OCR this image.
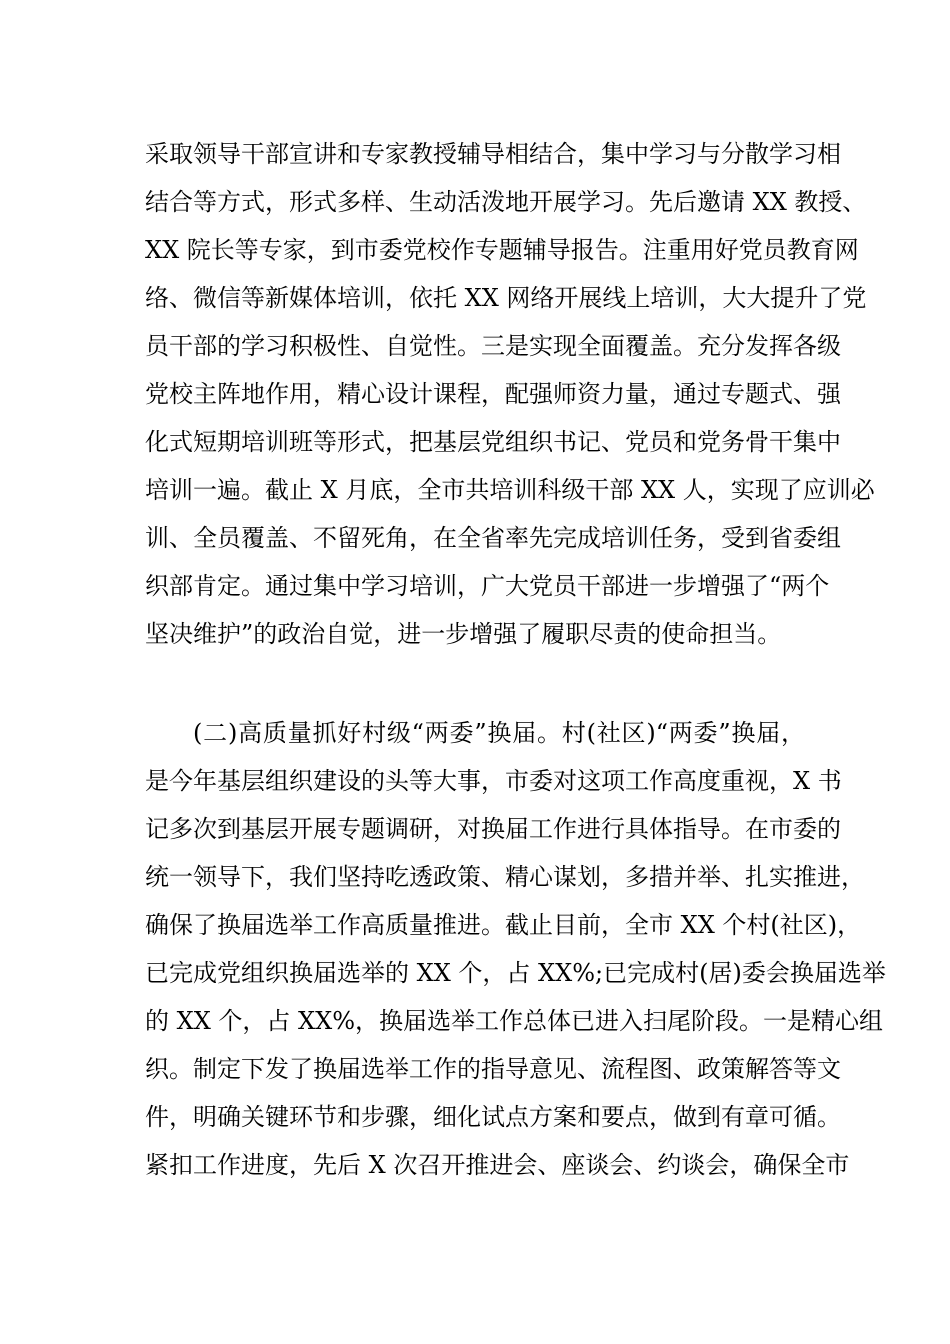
采取领导干部宣讲和专家教授辅导相结合，集中学习与分散学习相
结合等方式，形式多样、生动活泼地开展学习。先后邀请 XX 教授、
XX 院长等专家，到市委党校作专题辅导报告。注重用好党员教育网
络、微信等新媒体培训，依托 XX 网络开展线上培训，大大提升了党
员干部的学习积极性、自觉性。三是实现全面覆盖。充分发挥各级
党校主阵地作用，精心设计课程，配强师资力量，通过专题式、强
化式短期培训班等形式，把基层党组织书记、党员和党务骨干集中
培训一遍。截止 X 月底，全市共培训科级干部 XX 人，实现了应训必
训、全员覆盖、不留死角，在全省率先完成培训任务，受到省委组
织部肯定。通过集中学习培训，广大党员干部进一步增强了“两个
坚决维护”的政治自觉，进一步增强了履职尽责的使命担当。
(二)高质量抓好村级“两委”换届。村(社区)“两委”换届，
是今年基层组织建设的头等大事，市委对这项工作高度重视，X 书
记多次到基层开展专题调研，对换届工作进行具体指导。在市委的
统一领导下，我们坚持吃透政策、精心谋划，多措并举、扎实推进，
确保了换届选举工作高质量推进。截止目前，全市 XX 个村(社区)，
已完成党组织换届选举的 XX 个，占 XX%;已完成村(居)委会换届选举
的 XX 个，占 XX%，换届选举工作总体已进入扫尾阶段。一是精心组
织。制定下发了换届选举工作的指导意见、流程图、政策解答等文
件，明确关键环节和步骤，细化试点方案和要点，做到有章可循。
紧扣工作进度，先后 X 次召开推进会、座谈会、约谈会，确保全市
